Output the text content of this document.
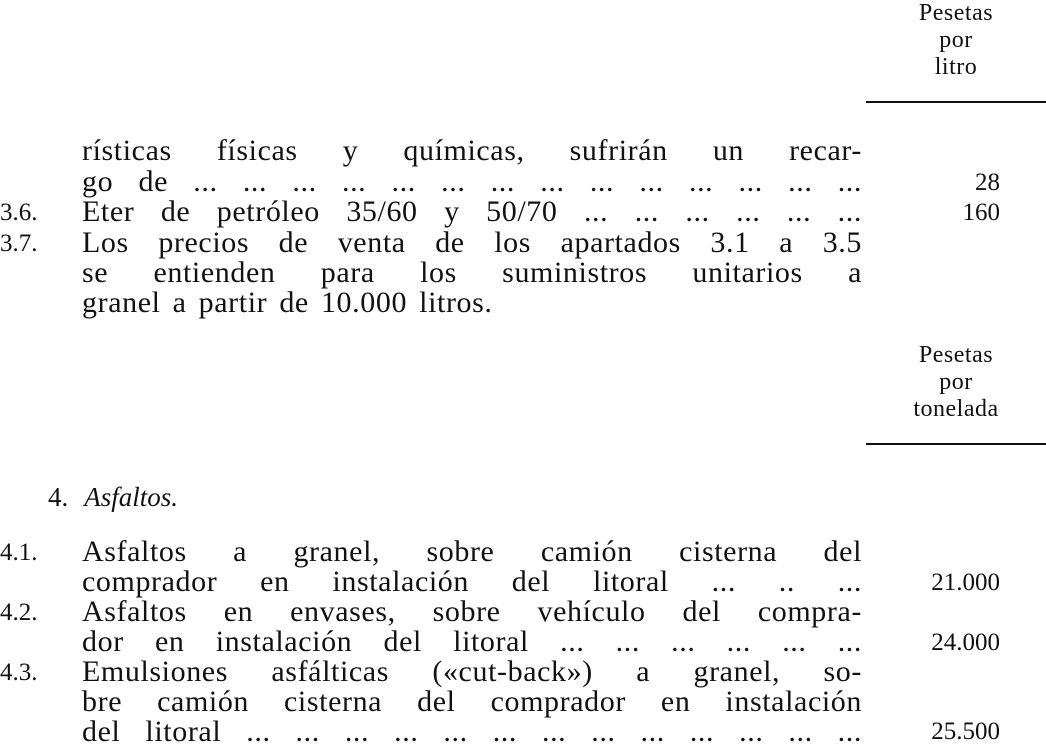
Pesetas
por
litro
rísticas físicas y químicas, sufrirán un recar-
go de ... ... ... ... ... ... ... ... ... ... ... ... ... ...	28
3.6.	Eter de petróleo 35/60 y 50/70 ... ... ... ... ... ...	160
3.7.	Los precios de venta de los apartados 3.1 a 3.5
se entienden para los suministros unitarios a
granel a partir de 10.000 litros.
Pesetas
por
tonelada
4. Asfaltos.
4.1.	Asfaltos a granel, sobre camión cisterna del
comprador en instalación del litoral ... .. ...	21.000
4.2.	Asfaltos en envases, sobre vehículo del compra-
dor en instalación del litoral ... ... ... ... ... ...	24.000
4.3.	Emulsiones asfálticas («cut-back») a granel, so-
bre camión cisterna del comprador en instalación
del litoral ... ... ... ... ... ... ... ... ... ... ... ... ...	25.500
